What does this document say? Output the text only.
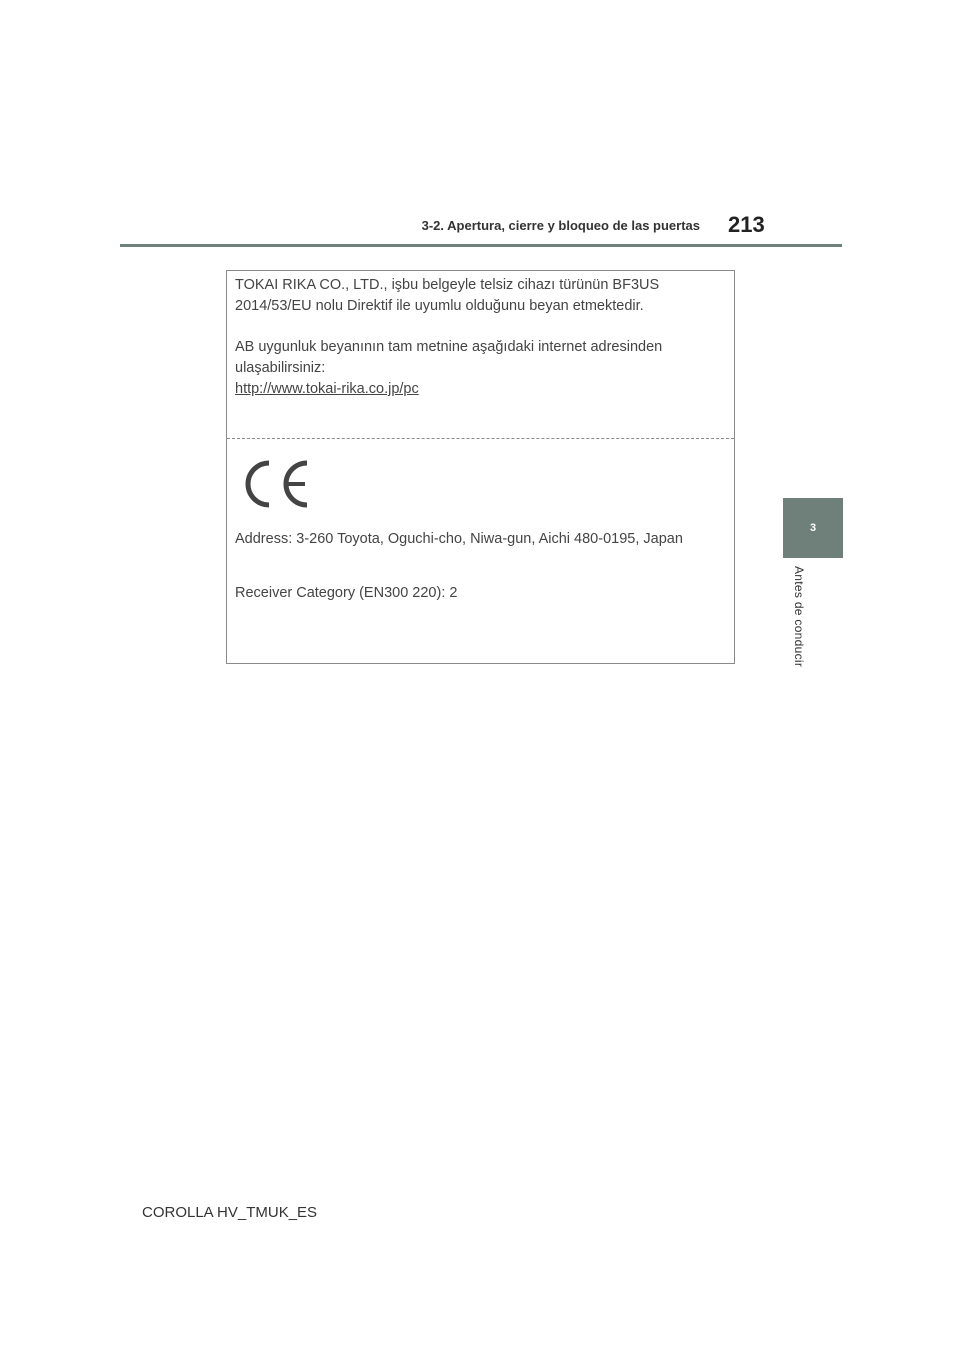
3-2. Apertura, cierre y bloqueo de las puertas 213
3
Antes de conducir
TOKAI RIKA CO., LTD., işbu belgeyle telsiz cihazı türünün BF3US
2014/53/EU nolu Direktif ile uyumlu olduğunu beyan etmektedir.
AB uygunluk beyanının tam metnine aşağıdaki internet adresinden
ulaşabilirsiniz:
http://www.tokai-rika.co.jp/pc
Address: 3-260 Toyota, Oguchi-cho, Niwa-gun, Aichi 480-0195, Japan
Receiver Category (EN300 220): 2
COROLLA HV_TMUK_ES
